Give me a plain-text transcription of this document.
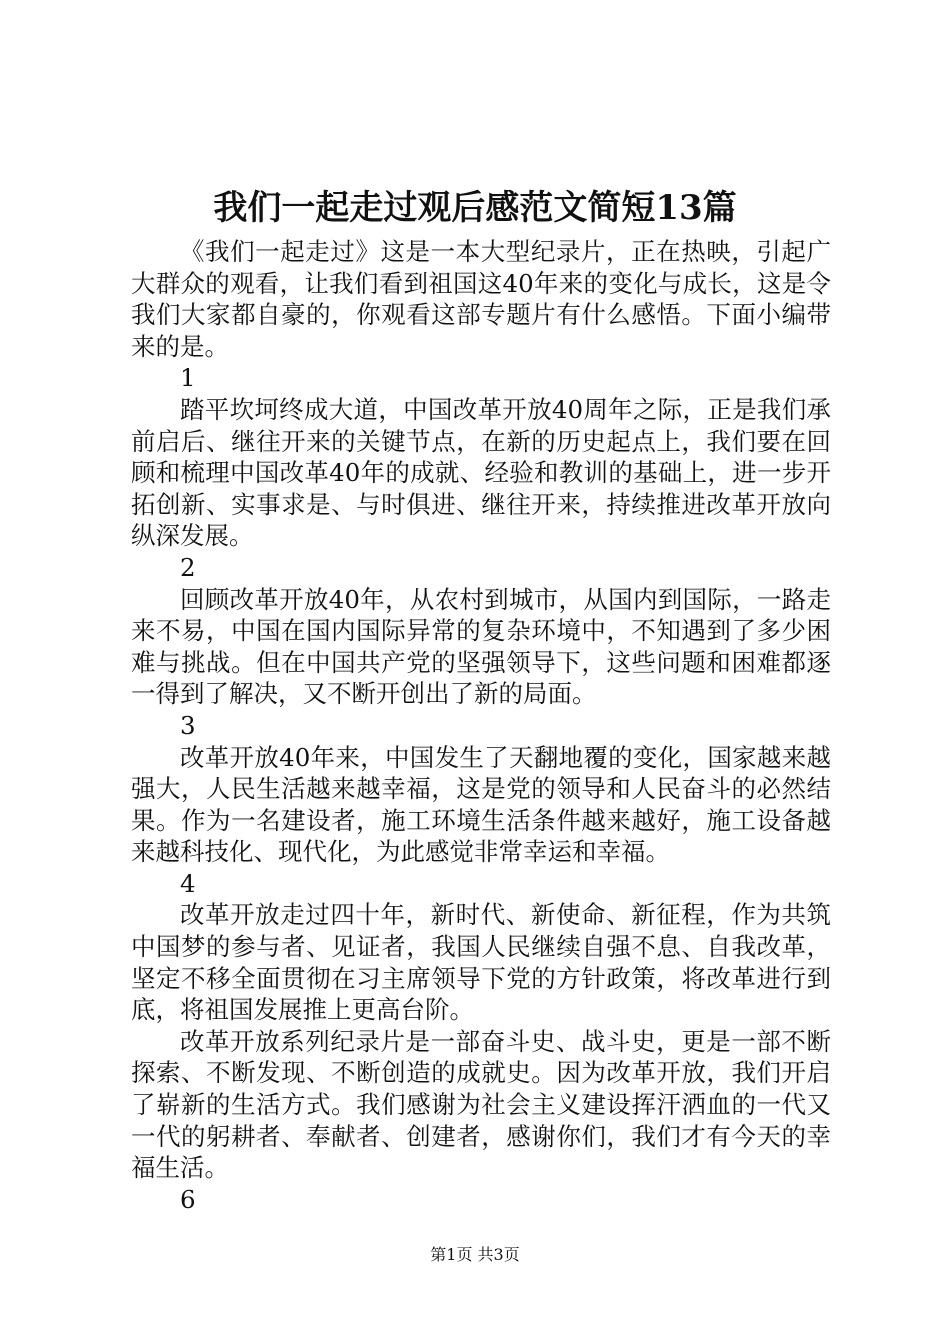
我们一起走过观后感范文简短13篇

《我们一起走过》这是一本大型纪录片，正在热映，引起广大群众的观看，让我们看到祖国这40年来的变化与成长，这是令我们大家都自豪的，你观看这部专题片有什么感悟。下面小编带来的是。

1

踏平坎坷终成大道，中国改革开放40周年之际，正是我们承前启后、继往开来的关键节点，在新的历史起点上，我们要在回顾和梳理中国改革40年的成就、经验和教训的基础上，进一步开拓创新、实事求是、与时俱进、继往开来，持续推进改革开放向纵深发展。

2

回顾改革开放40年，从农村到城市，从国内到国际，一路走来不易，中国在国内国际异常的复杂环境中，不知遇到了多少困难与挑战。但在中国共产党的坚强领导下，这些问题和困难都逐一得到了解决，又不断开创出了新的局面。

3

改革开放40年来，中国发生了天翻地覆的变化，国家越来越强大，人民生活越来越幸福，这是党的领导和人民奋斗的必然结果。作为一名建设者，施工环境生活条件越来越好，施工设备越来越科技化、现代化，为此感觉非常幸运和幸福。

4

改革开放走过四十年，新时代、新使命、新征程，作为共筑中国梦的参与者、见证者，我国人民继续自强不息、自我改革，坚定不移全面贯彻在习主席领导下党的方针政策，将改革进行到底，将祖国发展推上更高台阶。

改革开放系列纪录片是一部奋斗史、战斗史，更是一部不断探索、不断发现、不断创造的成就史。因为改革开放，我们开启了崭新的生活方式。我们感谢为社会主义建设挥汗洒血的一代又一代的躬耕者、奉献者、创建者，感谢你们，我们才有今天的幸福生活。

6

第1页 共3页
